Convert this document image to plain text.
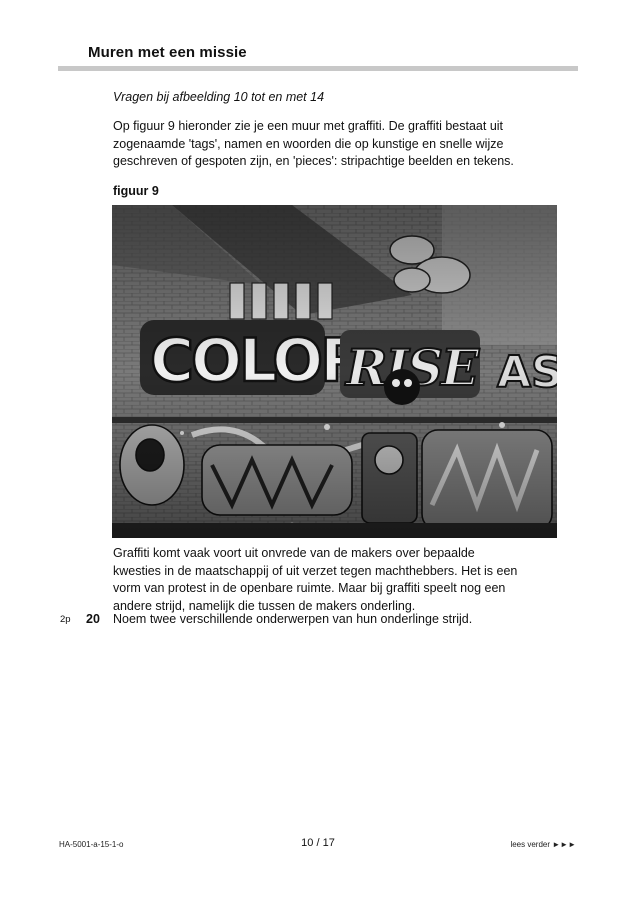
Muren met een missie
Vragen bij afbeelding 10 tot en met 14
Op figuur 9 hieronder zie je een muur met graffiti. De graffiti bestaat uit
zogenaamde 'tags', namen en woorden die op kunstige en snelle wijze
geschreven of gespoten zijn, en 'pieces': stripachtige beelden en tekens.
figuur 9
Graffiti komt vaak voort uit onvrede van de makers over bepaalde
kwesties in de maatschappij of uit verzet tegen machthebbers. Het is een
vorm van protest in de openbare ruimte. Maar bij graffiti speelt nog een
andere strijd, namelijk die tussen de makers onderling.
2p 20 Noem twee verschillende onderwerpen van hun onderlinge strijd.
HA-5001-a-15-1-o	10 / 17	lees verder ►►►
